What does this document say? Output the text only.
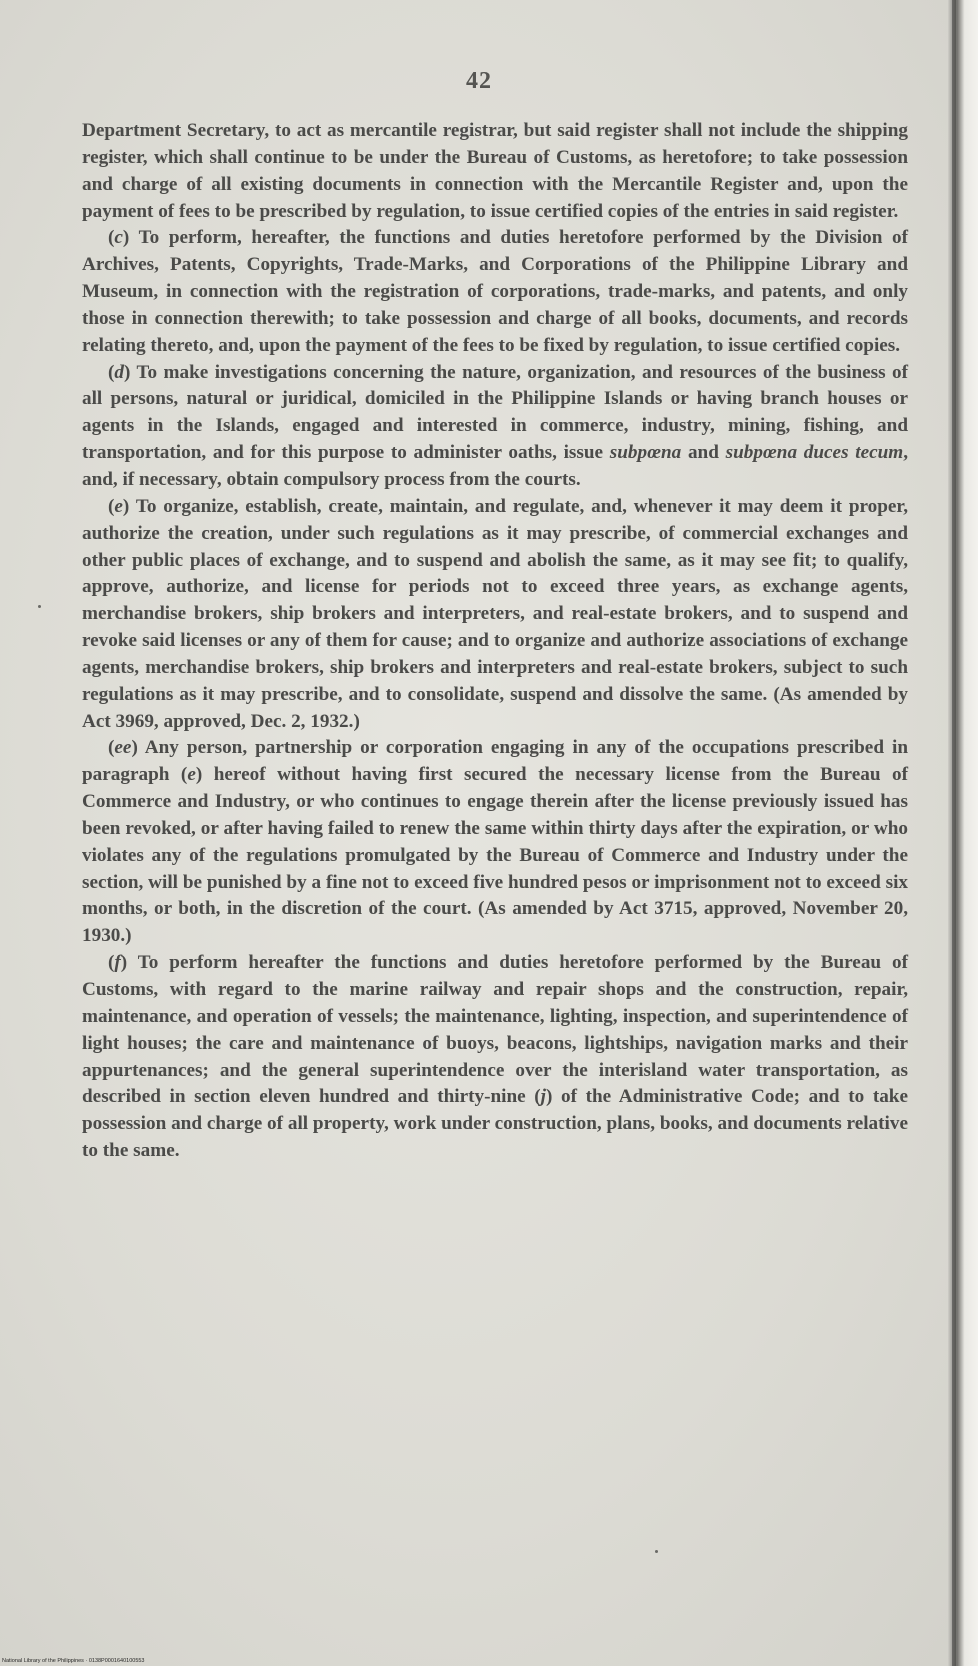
42

Department Secretary, to act as mercantile registrar, but said register shall not include the shipping register, which shall continue to be under the Bureau of Customs, as heretofore; to take possession and charge of all existing documents in connection with the Mercantile Register and, upon the payment of fees to be prescribed by regulation, to issue certified copies of the entries in said register.

(c) To perform, hereafter, the functions and duties heretofore performed by the Division of Archives, Patents, Copyrights, Trade-Marks, and Corporations of the Philippine Library and Museum, in connection with the registration of corporations, trade-marks, and patents, and only those in connection therewith; to take possession and charge of all books, documents, and records relating thereto, and, upon the payment of the fees to be fixed by regulation, to issue certified copies.

(d) To make investigations concerning the nature, organization, and resources of the business of all persons, natural or juridical, domiciled in the Philippine Islands or having branch houses or agents in the Islands, engaged and interested in commerce, industry, mining, fishing, and transportation, and for this purpose to administer oaths, issue subpœna and subpœna duces tecum, and, if necessary, obtain compulsory process from the courts.

(e) To organize, establish, create, maintain, and regulate, and, whenever it may deem it proper, authorize the creation, under such regulations as it may prescribe, of commercial exchanges and other public places of exchange, and to suspend and abolish the same, as it may see fit; to qualify, approve, authorize, and license for periods not to exceed three years, as exchange agents, merchandise brokers, ship brokers and interpreters, and real-estate brokers, and to suspend and revoke said licenses or any of them for cause; and to organize and authorize associations of exchange agents, merchandise brokers, ship brokers and interpreters and real-estate brokers, subject to such regulations as it may prescribe, and to consolidate, suspend and dissolve the same. (As amended by Act 3969, approved, Dec. 2, 1932.)

(ee) Any person, partnership or corporation engaging in any of the occupations prescribed in paragraph (e) hereof without having first secured the necessary license from the Bureau of Commerce and Industry, or who continues to engage therein after the license previously issued has been revoked, or after having failed to renew the same within thirty days after the expiration, or who violates any of the regulations promulgated by the Bureau of Commerce and Industry under the section, will be punished by a fine not to exceed five hundred pesos or imprisonment not to exceed six months, or both, in the discretion of the court. (As amended by Act 3715, approved, November 20, 1930.)

(f) To perform hereafter the functions and duties heretofore performed by the Bureau of Customs, with regard to the marine railway and repair shops and the construction, repair, maintenance, and operation of vessels; the maintenance, lighting, inspection, and superintendence of light houses; the care and maintenance of buoys, beacons, lightships, navigation marks and their appurtenances; and the general superintendence over the interisland water transportation, as described in section eleven hundred and thirty-nine (j) of the Administrative Code; and to take possession and charge of all property, work under construction, plans, books, and documents relative to the same.

National Library of the Philippines · 0138P0001640100553
